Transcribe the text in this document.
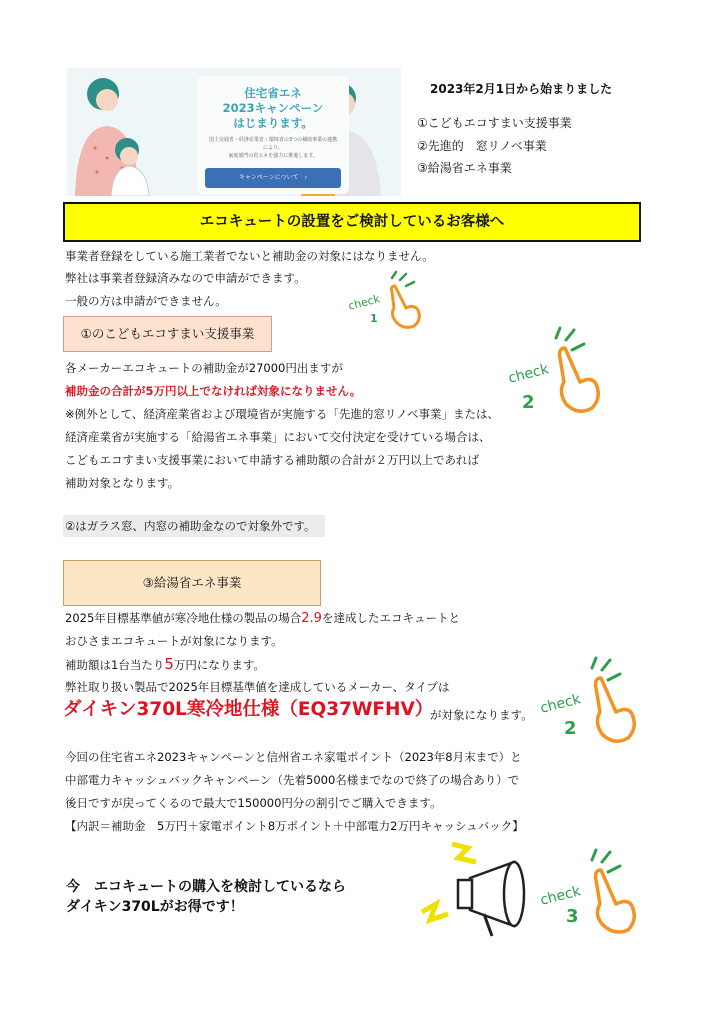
住宅省エネ
2023キャンペーン
はじまります。
国土交通省・経済産業省・環境省の3つの補助事業の連携により、
家庭部門の省エネを強力に推進します。
キャンペーンについて　›
2023年2月1日から始まりました
①こどもエコすまい支援事業
②先進的　窓リノベ事業
③給湯省エネ事業
エコキュートの設置をご検討しているお客様へ
事業者登録をしている施工業者でないと補助金の対象にはなりません。
弊社は事業者登録済みなので申請ができます。
一般の方は申請ができません。
①のこどもエコすまい支援事業
各メーカーエコキュートの補助金が27000円出ますが
補助金の合計が5万円以上でなければ対象になりません。
※例外として、経済産業省および環境省が実施する「先進的窓リノベ事業」または、
経済産業省が実施する「給湯省エネ事業」において交付決定を受けている場合は、
こどもエコすまい支援事業において申請する補助額の合計が２万円以上であれば
補助対象となります。
②はガラス窓、内窓の補助金なので対象外です。
③給湯省エネ事業
2025年目標基準値が寒冷地仕様の製品の場合2.9を達成したエコキュートと
おひさまエコキュートが対象になります。
補助額は1台当たり5万円になります。
弊社取り扱い製品で2025年目標基準値を達成しているメーカー、タイプは
ダイキン370L寒冷地仕様（EQ37WFHV）
が対象になります。
今回の住宅省エネ2023キャンペーンと信州省エネ家電ポイント（2023年8月末まで）と
中部電力キャッシュバックキャンペーン（先着5000名様までなので終了の場合あり）で
後日ですが戻ってくるので最大で150000円分の割引でご購入できます。
【内訳＝補助金　5万円＋家電ポイント8万ポイント＋中部電力2万円キャッシュバック】
今　エコキュートの購入を検討しているなら
ダイキン370Lがお得です！
check
1
check
2
check
2
check
3
